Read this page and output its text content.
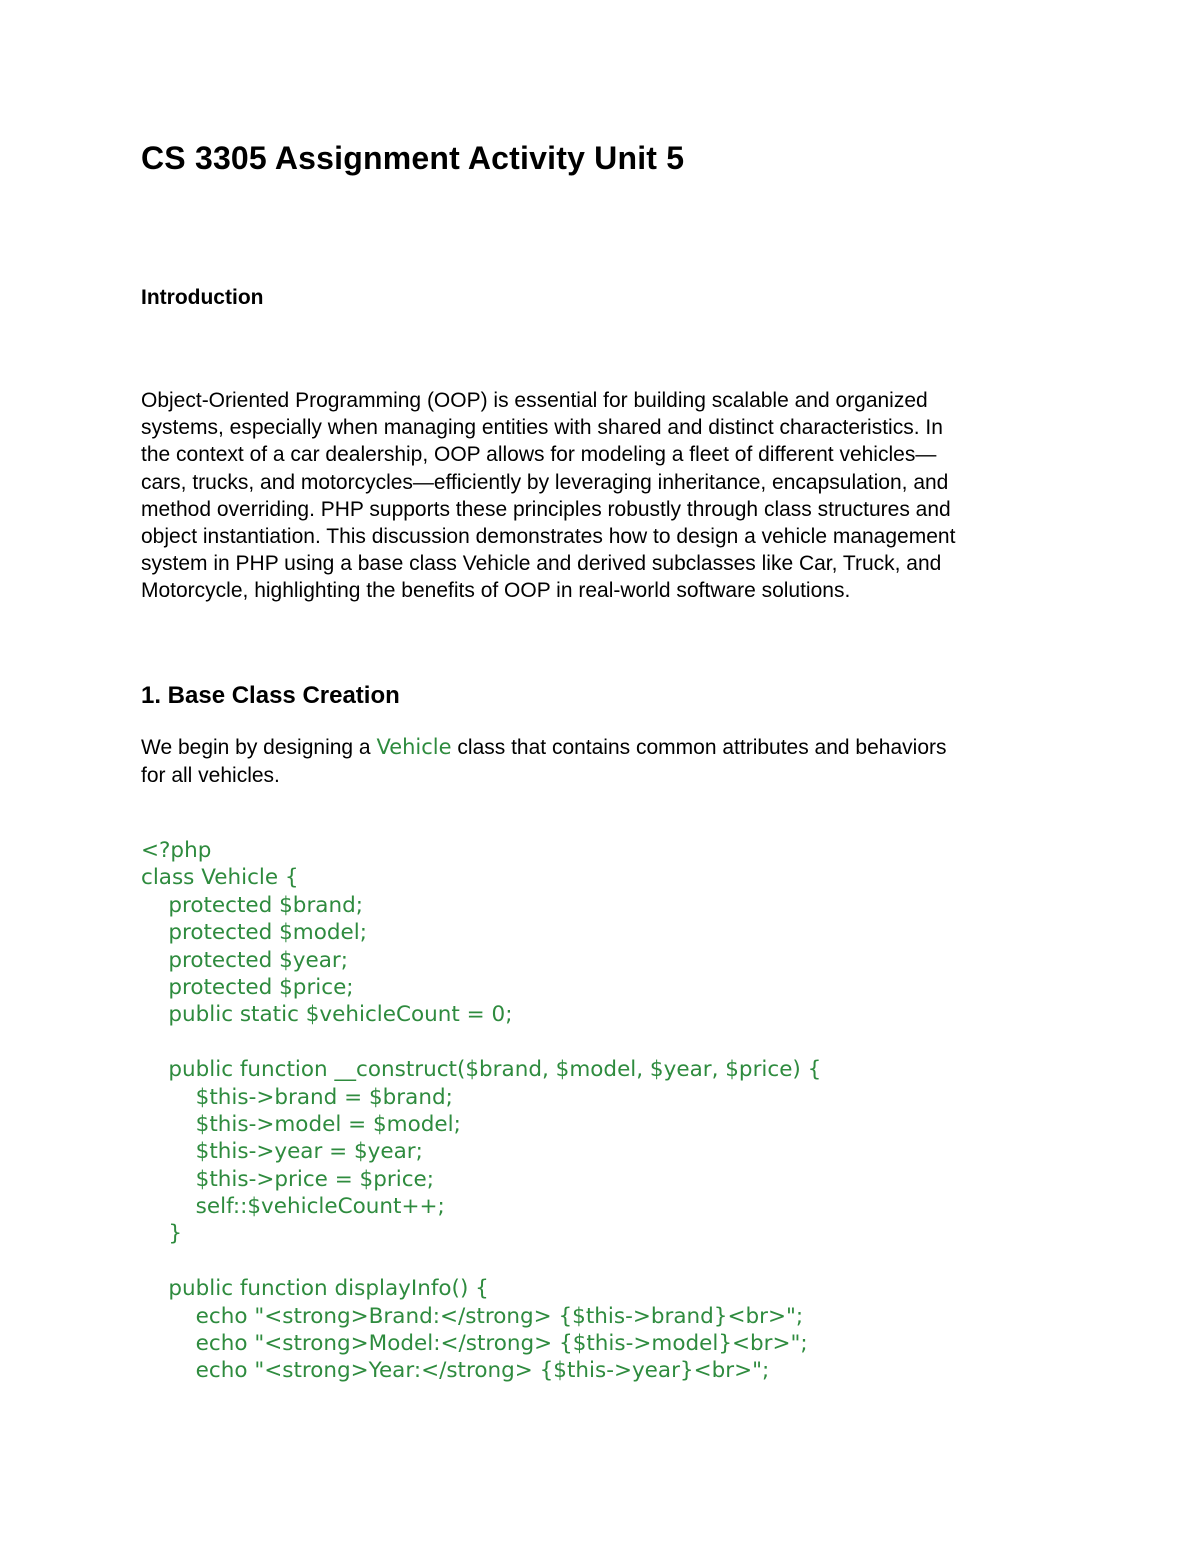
CS 3305 Assignment Activity Unit 5
Introduction

Object-Oriented Programming (OOP) is essential for building scalable and organized
systems, especially when managing entities with shared and distinct characteristics. In
the context of a car dealership, OOP allows for modeling a fleet of different vehicles—
cars, trucks, and motorcycles—efficiently by leveraging inheritance, encapsulation, and
method overriding. PHP supports these principles robustly through class structures and
object instantiation. This discussion demonstrates how to design a vehicle management
system in PHP using a base class Vehicle and derived subclasses like Car, Truck, and
Motorcycle, highlighting the benefits of OOP in real-world software solutions.

1. Base Class Creation

We begin by designing a Vehicle class that contains common attributes and behaviors
for all vehicles.

<?php
class Vehicle {
protected $brand;
protected $model;
protected $year;
protected $price;
public static $vehicleCount = 0;
public function __construct($brand, $model, $year, $price) {
$this->brand = $brand;
$this->model = $model;
$this->year = $year;
$this->price = $price;
self::$vehicleCount++;
}
public function displayInfo() {
echo "<strong>Brand:</strong> {$this->brand}<br>";
echo "<strong>Model:</strong> {$this->model}<br>";
echo "<strong>Year:</strong> {$this->year}<br>";
